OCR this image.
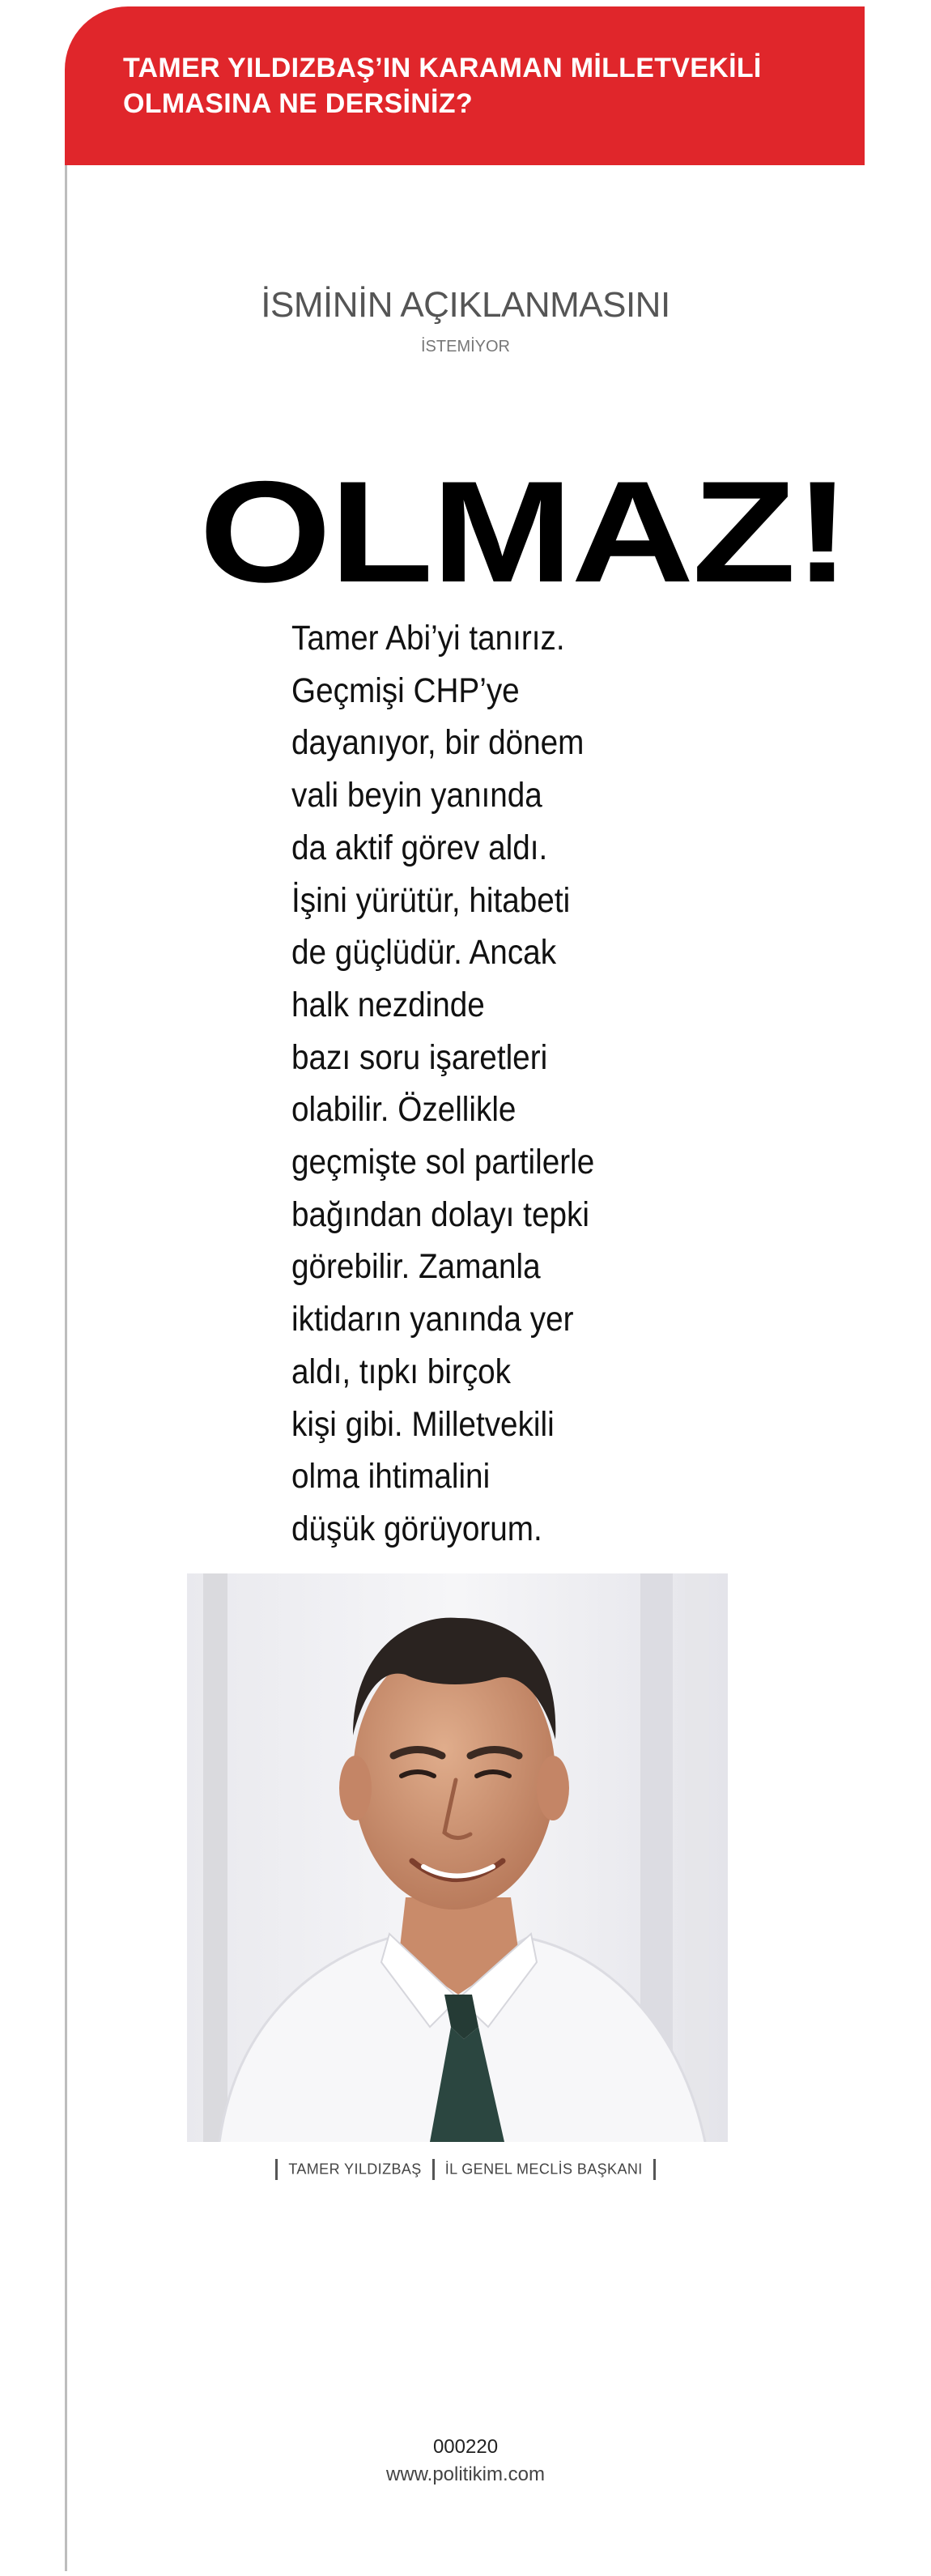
TAMER YILDIZBAŞ’IN KARAMAN MİLLETVEKİLİ
OLMASINA NE DERSİNİZ?
İSMİNİN AÇIKLANMASINI
İSTEMİYOR
OLMAZ!
Tamer Abi’yi tanırız.
Geçmişi CHP’ye
dayanıyor, bir dönem
vali beyin yanında
da aktif görev aldı.
İşini yürütür, hitabeti
de güçlüdür. Ancak
halk nezdinde
bazı soru işaretleri
olabilir. Özellikle
geçmişte sol partilerle
bağından dolayı tepki
görebilir. Zamanla
iktidarın yanında yer
aldı, tıpkı birçok
kişi gibi. Milletvekili
olma ihtimalini
düşük görüyorum.
TAMER YILDIZBAŞ İL GENEL MECLİS BAŞKANI
000220
www.politikim.com
